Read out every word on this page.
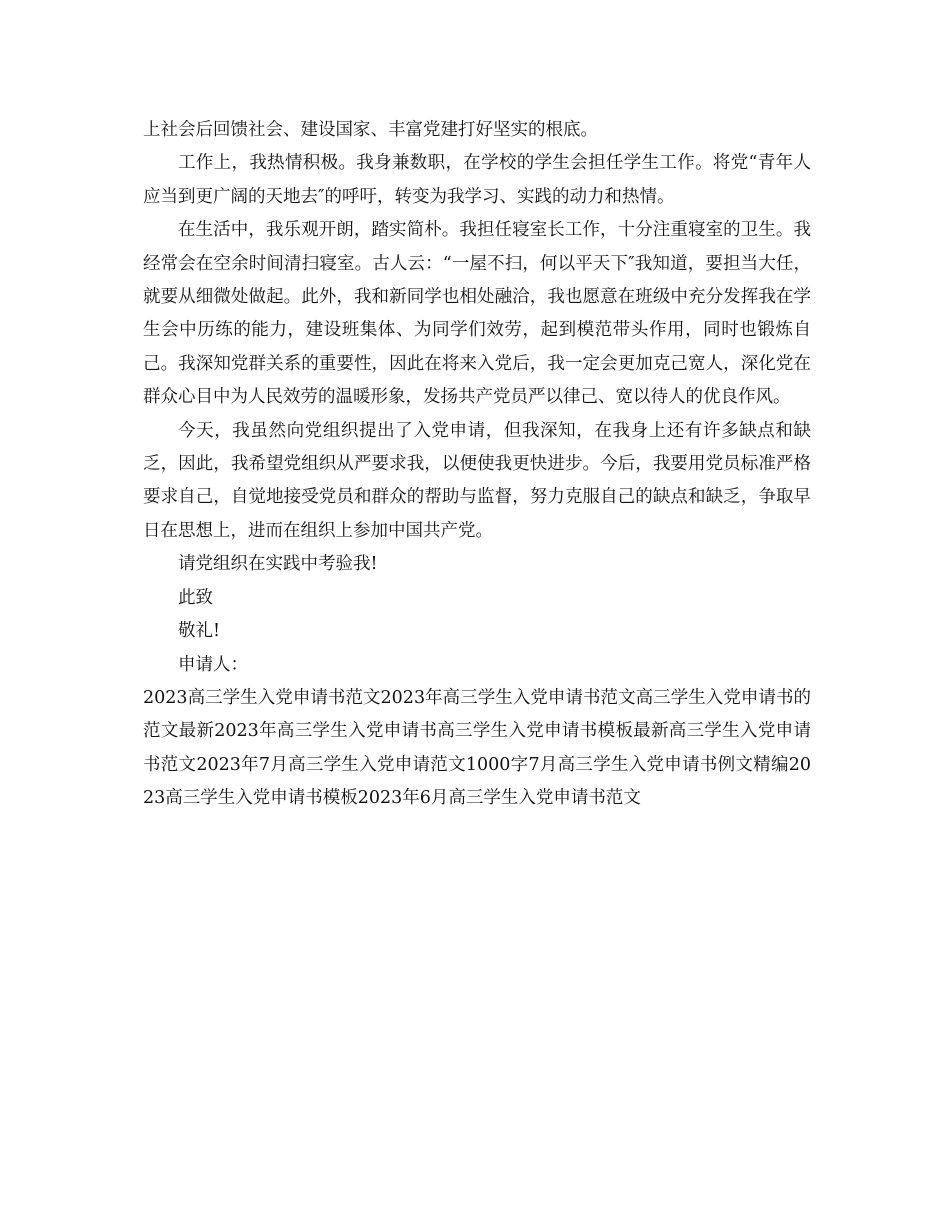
上社会后回馈社会、建设国家、丰富党建打好坚实的根底。

工作上，我热情积极。我身兼数职，在学校的学生会担任学生工作。将党“青年人应当到更广阔的天地去″的呼吁，转变为我学习、实践的动力和热情。

在生活中，我乐观开朗，踏实简朴。我担任寝室长工作，十分注重寝室的卫生。我经常会在空余时间清扫寝室。古人云：“一屋不扫，何以平天下″我知道，要担当大任，就要从细微处做起。此外，我和新同学也相处融洽，我也愿意在班级中充分发挥我在学生会中历练的能力，建设班集体、为同学们效劳，起到模范带头作用，同时也锻炼自己。我深知党群关系的重要性，因此在将来入党后，我一定会更加克己宽人，深化党在群众心目中为人民效劳的温暖形象，发扬共产党员严以律己、宽以待人的优良作风。

今天，我虽然向党组织提出了入党申请，但我深知，在我身上还有许多缺点和缺乏，因此，我希望党组织从严要求我，以便使我更快进步。今后，我要用党员标准严格要求自己，自觉地接受党员和群众的帮助与监督，努力克服自己的缺点和缺乏，争取早日在思想上，进而在组织上参加中国共产党。

请党组织在实践中考验我!

此致

敬礼!

申请人：

2023高三学生入党申请书范文2023年高三学生入党申请书范文高三学生入党申请书的范文最新2023年高三学生入党申请书高三学生入党申请书模板最新高三学生入党申请书范文2023年7月高三学生入党申请范文1000字7月高三学生入党申请书例文精编2023高三学生入党申请书模板2023年6月高三学生入党申请书范文
